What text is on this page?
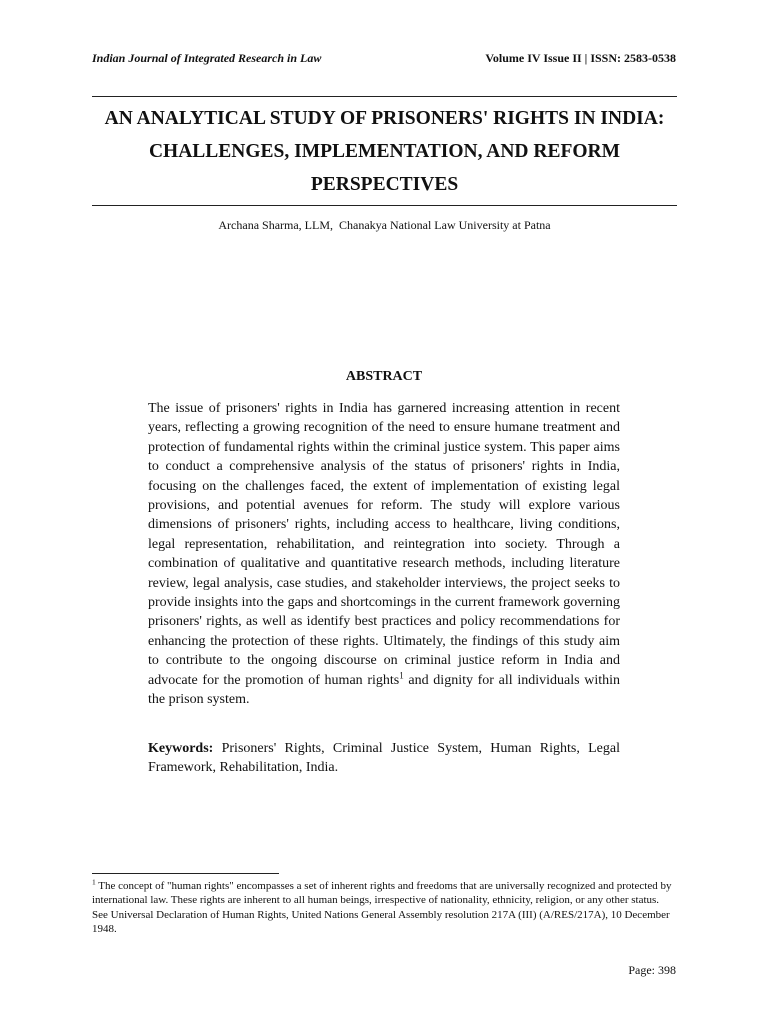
Indian Journal of Integrated Research in Law	Volume IV Issue II | ISSN: 2583-0538
AN ANALYTICAL STUDY OF PRISONERS' RIGHTS IN INDIA: CHALLENGES, IMPLEMENTATION, AND REFORM PERSPECTIVES
Archana Sharma, LLM,  Chanakya National Law University at Patna
ABSTRACT

The issue of prisoners' rights in India has garnered increasing attention in recent years, reflecting a growing recognition of the need to ensure humane treatment and protection of fundamental rights within the criminal justice system. This paper aims to conduct a comprehensive analysis of the status of prisoners' rights in India, focusing on the challenges faced, the extent of implementation of existing legal provisions, and potential avenues for reform. The study will explore various dimensions of prisoners' rights, including access to healthcare, living conditions, legal representation, rehabilitation, and reintegration into society. Through a combination of qualitative and quantitative research methods, including literature review, legal analysis, case studies, and stakeholder interviews, the project seeks to provide insights into the gaps and shortcomings in the current framework governing prisoners' rights, as well as identify best practices and policy recommendations for enhancing the protection of these rights. Ultimately, the findings of this study aim to contribute to the ongoing discourse on criminal justice reform in India and advocate for the promotion of human rights$^1$ and dignity for all individuals within the prison system.

Keywords: Prisoners' Rights, Criminal Justice System, Human Rights, Legal Framework, Rehabilitation, India.

$^1$ The concept of "human rights" encompasses a set of inherent rights and freedoms that are universally recognized and protected by international law. These rights are inherent to all human beings, irrespective of nationality, ethnicity, religion, or any other status. See Universal Declaration of Human Rights, United Nations General Assembly resolution 217A (III) (A/RES/217A), 10 December 1948.

Page: 398
